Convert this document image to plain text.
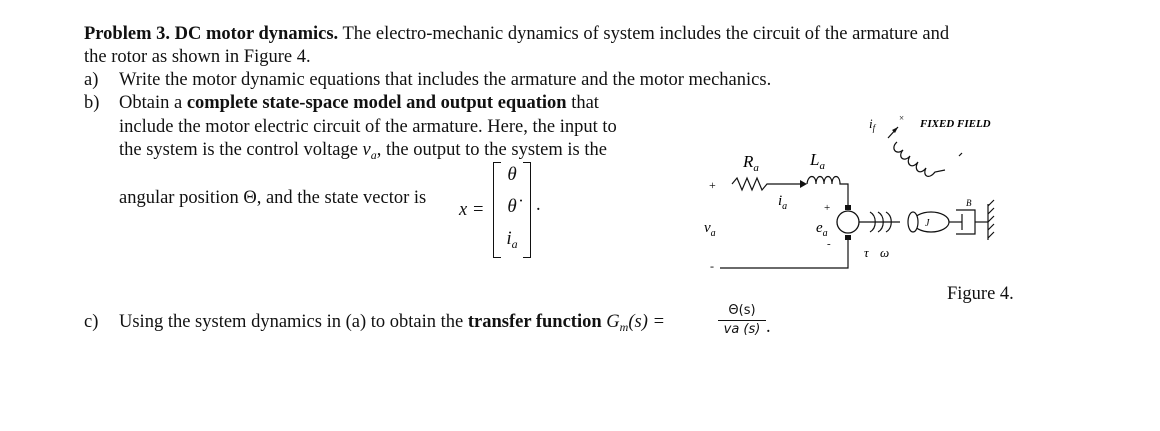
Problem 3. DC motor dynamics. The electro-mechanic dynamics of system includes the circuit of the armature and
the rotor as shown in Figure 4.
a) Write the motor dynamic equations that includes the armature and the motor mechanics.
b) Obtain a complete state-space model and output equation that
include the motor electric circuit of the armature. Here, the input to
the system is the control voltage $v_a$, the output to the system is the
angular position Θ, and the state vector is
x =
θ
θ̇
$i_a$
.
c) Using the system dynamics in (a) to obtain the transfer function $G_m(s)$ =	$\frac{\Theta(s)}{va (s)}$ .
$R_a$	$L_a$
$i_a$
+
$v_a$
-
+
$e_a$
-
τ ω
J
B
$i_f$
× FIXED FIELD
Figure 4.
